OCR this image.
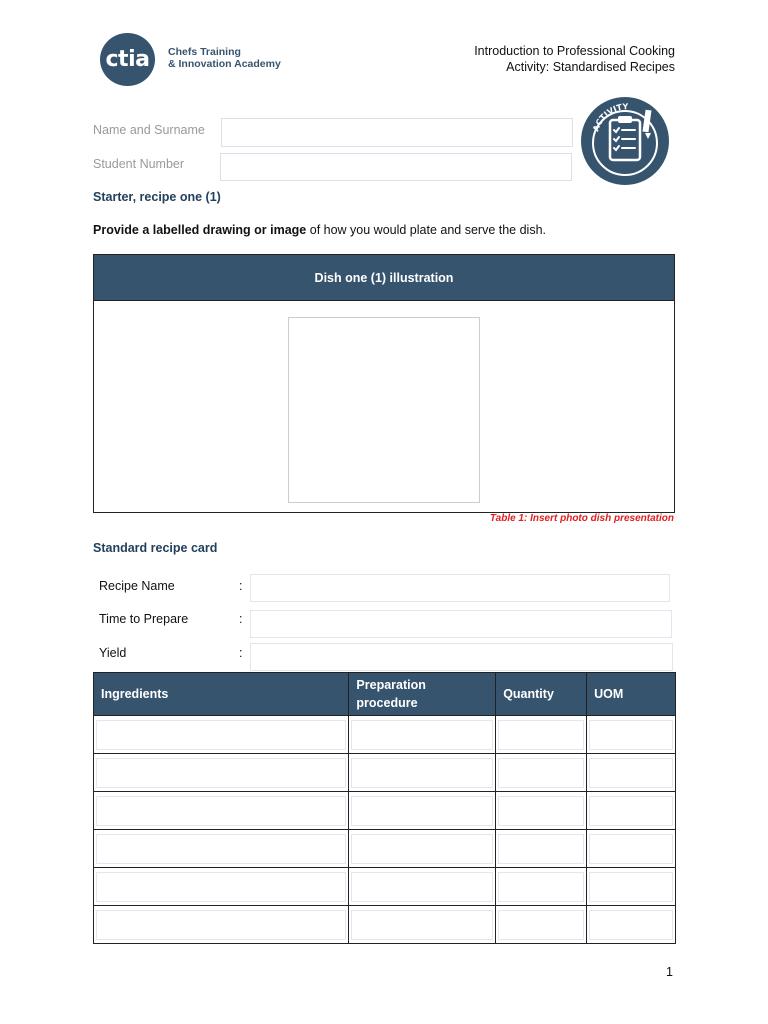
ctia	Chefs Training
& Innovation Academy
Introduction to Professional Cooking
Activity: Standardised Recipes
ACTIVITY
Name and Surname
Student Number
Starter, recipe one (1)
Provide a labelled drawing or image of how you would plate and serve the dish.
Dish one (1) illustration
Table 1: Insert photo dish presentation
Standard recipe card
Recipe Name	:
Time to Prepare	:
Yield	:
Ingredients	Preparation procedure	Quantity	UOM

1
